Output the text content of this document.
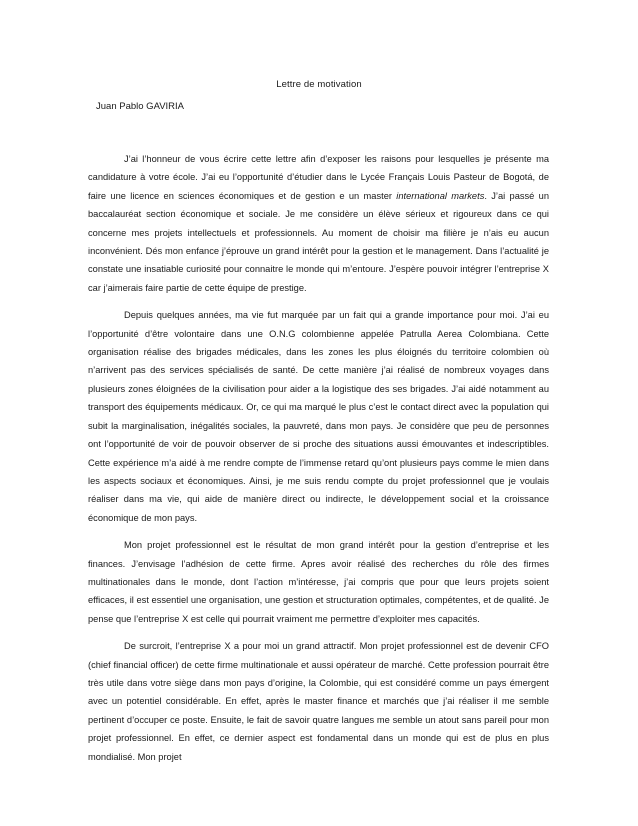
Lettre de motivation
Juan Pablo GAVIRIA

J’ai l’honneur de vous écrire cette lettre afin d’exposer les raisons pour lesquelles je présente ma candidature à votre école. J’ai eu l’opportunité d’étudier dans le Lycée Français Louis Pasteur de Bogotá, de faire une licence en sciences économiques et de gestion e un master international markets. J’ai passé un baccalauréat section économique et sociale. Je me considère un élève sérieux et rigoureux dans ce qui concerne mes projets intellectuels et professionnels. Au moment de choisir ma filière je n’ais eu aucun inconvénient. Dés mon enfance j’éprouve un grand intérêt pour la gestion et le management. Dans l’actualité je constate une insatiable curiosité pour connaitre le monde qui m’entoure. J’espère pouvoir intégrer l’entreprise X car j’aimerais faire partie de cette équipe de prestige.

Depuis quelques années, ma vie fut marquée par un fait qui a grande importance pour moi. J’ai eu l’opportunité d’être volontaire dans une O.N.G colombienne appelée Patrulla Aerea Colombiana. Cette organisation réalise des brigades médicales, dans les zones les plus éloignés du territoire colombien où n’arrivent pas des services spécialisés de santé. De cette manière j’ai réalisé de nombreux voyages dans plusieurs zones éloignées de la civilisation pour aider a la logistique des ses brigades. J’ai aidé notamment au transport des équipements médicaux. Or, ce qui ma marqué le plus c’est le contact direct avec la population qui subit la marginalisation, inégalités sociales, la pauvreté, dans mon pays. Je considère que peu de personnes ont l’opportunité de voir de pouvoir observer de si proche des situations aussi émouvantes et indescriptibles. Cette expérience m’a aidé à me rendre compte de l’immense retard qu’ont plusieurs pays comme le mien dans les aspects sociaux et économiques. Ainsi, je me suis rendu compte du projet professionnel que je voulais réaliser dans ma vie, qui aide de manière direct ou indirecte, le développement social et la croissance économique de mon pays.

Mon projet professionnel est le résultat de mon grand intérêt pour la gestion d’entreprise et les finances. J’envisage l’adhésion de cette firme. Apres avoir réalisé des recherches du rôle des firmes multinationales dans le monde, dont l’action m’intéresse, j’ai compris que pour que leurs projets soient efficaces, il est essentiel une organisation, une gestion et structuration optimales, compétentes, et de qualité. Je pense que l’entreprise X est celle qui pourrait vraiment me permettre d’exploiter mes capacités.

De surcroit, l’entreprise X a pour moi un grand attractif. Mon projet professionnel est de devenir CFO (chief financial officer) de cette firme multinationale et aussi opérateur de marché. Cette profession pourrait être très utile dans votre siège dans mon pays d’origine, la Colombie, qui est considéré comme un pays émergent avec un potentiel considérable. En effet, après le master finance et marchés que j’ai réaliser il me semble pertinent d’occuper ce poste. Ensuite, le fait de savoir quatre langues me semble un atout sans pareil pour mon projet professionnel. En effet, ce dernier aspect est fondamental dans un monde qui est de plus en plus mondialisé. Mon projet
